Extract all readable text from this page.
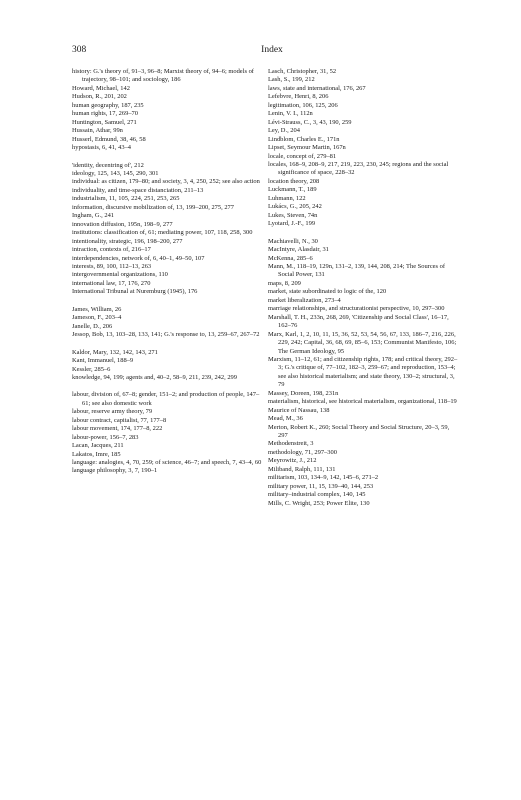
308	Index

history: G.'s theory of, 91–3, 96–8; Marxist theory of, 94–6; models of trajectory, 98–101; and sociology, 186

Howard, Michael, 142

Hudson, R., 201, 202

human geography, 187, 235

human rights, 17, 269–70

Huntington, Samuel, 271

Hussain, Athar, 99n

Husserl, Edmund, 38, 46, 58

hypostasis, 6, 41, 43–4

'identity, decentring of', 212

ideology, 125, 143, 145, 290, 301

individual: as citizen, 179–80; and society, 3, 4, 250, 252; see also action

individuality, and time-space distanciation, 211–13

industrialism, 11, 105, 224, 251, 253, 265

information, discursive mobilization of, 13, 199–200, 275, 277

Ingham, G., 241

innovation diffusion, 195n, 198–9, 277

institutions: classification of, 61; mediating power, 107, 118, 258, 300

intentionality, strategic, 196, 198–200, 277

intraction, contexts of, 216–17

interdependencies, network of, 6, 40–1, 49–50, 107

interests, 89, 100, 112–13, 263

intergovernmental organizations, 110

international law, 17, 176, 270

International Tribunal at Nuremburg (1945), 176

James, William, 26

Jameson, F., 203–4

Janelle, D., 206

Jessop, Bob, 13, 103–28, 133, 141; G.'s response to, 13, 259–67, 267–72

Kaldor, Mary, 132, 142, 143, 271

Kant, Immanuel, 188–9

Kessler, 285–6

knowledge, 94, 199; agents and, 40–2, 58–9, 211, 239, 242, 299

labour, division of, 67–8; gender, 151–2; and production of people, 147–61; see also domestic work

labour, reserve army theory, 79

labour contract, capitalist, 77, 177–8

labour movement, 174, 177–8, 222

labour-power, 156–7, 283

Lacan, Jacques, 211

Lakatos, Imre, 185

language: analogies, 4, 70, 259; of science, 46–7; and speech, 7, 43–4, 60

language philosophy, 3, 7, 190–1

Lasch, Christopher, 31, 52

Lash, S., 199, 212

laws, state and international, 176, 267

Lefebvre, Henri, 8, 206

legitimation, 106, 125, 206

Lenin, V. I., 112n

Lévi-Strauss, C., 3, 43, 190, 259

Ley, D., 204

Lindblom, Charles E., 171n

Lipset, Seymour Martin, 167n

locale, concept of, 279–81

locales, 168–9, 208–9, 217, 219, 223, 230, 245; regions and the social significance of space, 228–32

location theory, 208

Luckmann, T., 189

Luhmann, 122

Lukács, G., 205, 242

Lukes, Steven, 74n

Lyotard, J.-F., 199

Machiavelli, N., 30

MacIntyre, Alasdair, 31

McKenna, 285–6

Mann, M., 118–19, 129n, 131–2, 139, 144, 208, 214; The Sources of Social Power, 131

maps, 8, 209

market, state subordinated to logic of the, 120

market liberalization, 273–4

marriage relationships, and structurationist perspective, 10, 297–300

Marshall, T. H., 233n, 268, 269, 'Citizenship and Social Class', 16–17, 162–76

Marx, Karl, 1, 2, 10, 11, 15, 36, 52, 53, 54, 56, 67, 133, 186–7, 216, 226, 229, 242; Capital, 36, 68, 69, 85–6, 153; Communist Manifesto, 106; The German Ideology, 95

Marxism, 11–12, 61; and citizenship rights, 178; and critical theory, 292–3; G.'s critique of, 77–102, 182–3, 259–67; and reproduction, 153–4; see also historical materialism; and state theory, 130–2; structural, 3, 79

Massey, Doreen, 198, 231n

materialism, historical, see historical materialism, organizational, 118–19

Maurice of Nassau, 138

Mead, M., 36

Merton, Robert K., 260; Social Theory and Social Structure, 20–3, 59, 297

Methodenstreit, 3

methodology, 71, 297–300

Meyrowitz, J., 212

Miliband, Ralph, 111, 131

militarism, 103, 134–9, 142, 145–6, 271–2

military power, 11, 15, 139–40, 144, 253

military–industrial complex, 140, 145

Mills, C. Wright, 253; Power Elite, 130
